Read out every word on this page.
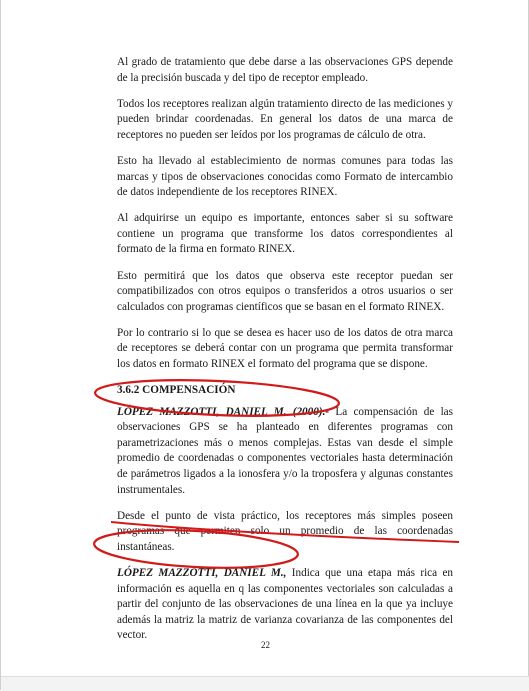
Al grado de tratamiento que debe darse a las observaciones GPS depende de la precisión buscada y del tipo de receptor empleado.

Todos los receptores realizan algún tratamiento directo de las mediciones y pueden brindar coordenadas. En general los datos de una marca de receptores no pueden ser leídos por los programas de cálculo de otra.

Esto ha llevado al establecimiento de normas comunes para todas las marcas y tipos de observaciones conocidas como Formato de intercambio de datos independiente de los receptores RINEX.

Al adquirirse un equipo es importante, entonces saber si su software contiene un programa que transforme los datos correspondientes al formato de la firma en formato RINEX.

Esto permitirá que los datos que observa este receptor puedan ser compatibilizados con otros equipos o transferidos a otros usuarios o ser calculados con programas científicos que se basan en el formato RINEX.

Por lo contrario si lo que se desea es hacer uso de los datos de otra marca de receptores se deberá contar con un programa que permita transformar los datos en formato RINEX el formato del programa que se dispone.

3.6.2 COMPENSACIÓN

LÓPEZ MAZZOTTI, DANIEL M. (2000).- La compensación de las observaciones GPS se ha planteado en diferentes programas con parametrizaciones más o menos complejas. Estas van desde el simple promedio de coordenadas o componentes vectoriales hasta determinación de parámetros ligados a la ionosfera y/o la troposfera y algunas constantes instrumentales.

Desde el punto de vista práctico, los receptores más simples poseen programas que permiten solo un promedio de las coordenadas instantáneas.

LÓPEZ MAZZOTTI, DANIEL M., Indica que una etapa más rica en información es aquella en q las componentes vectoriales son calculadas a partir del conjunto de las observaciones de una línea en la que ya incluye además la matriz la matriz de varianza covarianza de las componentes del vector.

22
